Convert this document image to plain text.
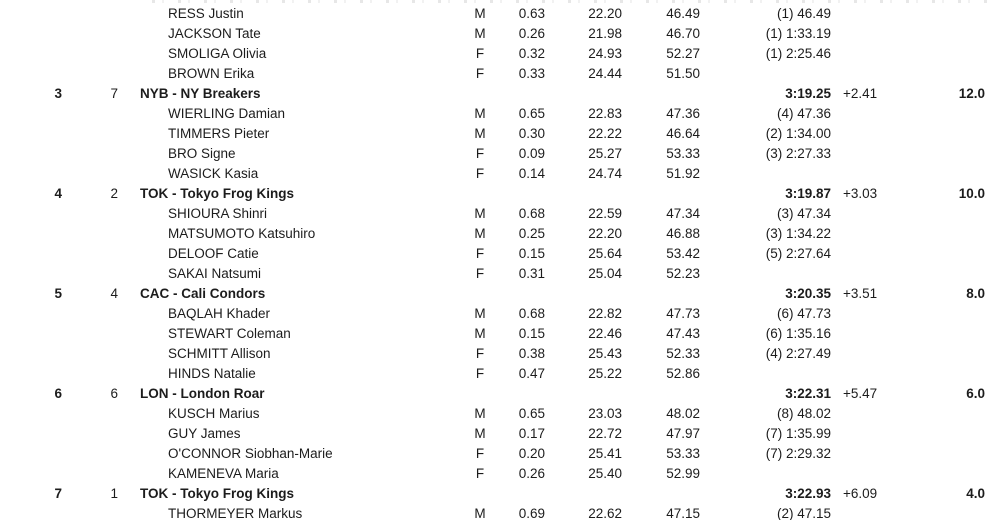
RESS Justin	M	0.63	22.20	46.49	(1) 46.49
JACKSON Tate	M	0.26	21.98	46.70	(1) 1:33.19
SMOLIGA Olivia	F	0.32	24.93	52.27	(1) 2:25.46
BROWN Erika	F	0.33	24.44	51.50
3	7 NYB - NY Breakers	3:19.25 +2.41	12.0
WIERLING Damian	M	0.65	22.83	47.36	(4) 47.36
TIMMERS Pieter	M	0.30	22.22	46.64	(2) 1:34.00
BRO Signe	F	0.09	25.27	53.33	(3) 2:27.33
WASICK Kasia	F	0.14	24.74	51.92
4	2 TOK - Tokyo Frog Kings	3:19.87 +3.03	10.0
SHIOURA Shinri	M	0.68	22.59	47.34	(3) 47.34
MATSUMOTO Katsuhiro	M	0.25	22.20	46.88	(3) 1:34.22
DELOOF Catie	F	0.15	25.64	53.42	(5) 2:27.64
SAKAI Natsumi	F	0.31	25.04	52.23
5	4 CAC - Cali Condors	3:20.35 +3.51	8.0
BAQLAH Khader	M	0.68	22.82	47.73	(6) 47.73
STEWART Coleman	M	0.15	22.46	47.43	(6) 1:35.16
SCHMITT Allison	F	0.38	25.43	52.33	(4) 2:27.49
HINDS Natalie	F	0.47	25.22	52.86
6	6 LON - London Roar	3:22.31 +5.47	6.0
KUSCH Marius	M	0.65	23.03	48.02	(8) 48.02
GUY James	M	0.17	22.72	47.97	(7) 1:35.99
O'CONNOR Siobhan-Marie	F	0.20	25.41	53.33	(7) 2:29.32
KAMENEVA Maria	F	0.26	25.40	52.99
7	1 TOK - Tokyo Frog Kings	3:22.93 +6.09	4.0
THORMEYER Markus	M	0.69	22.62	47.15	(2) 47.15
